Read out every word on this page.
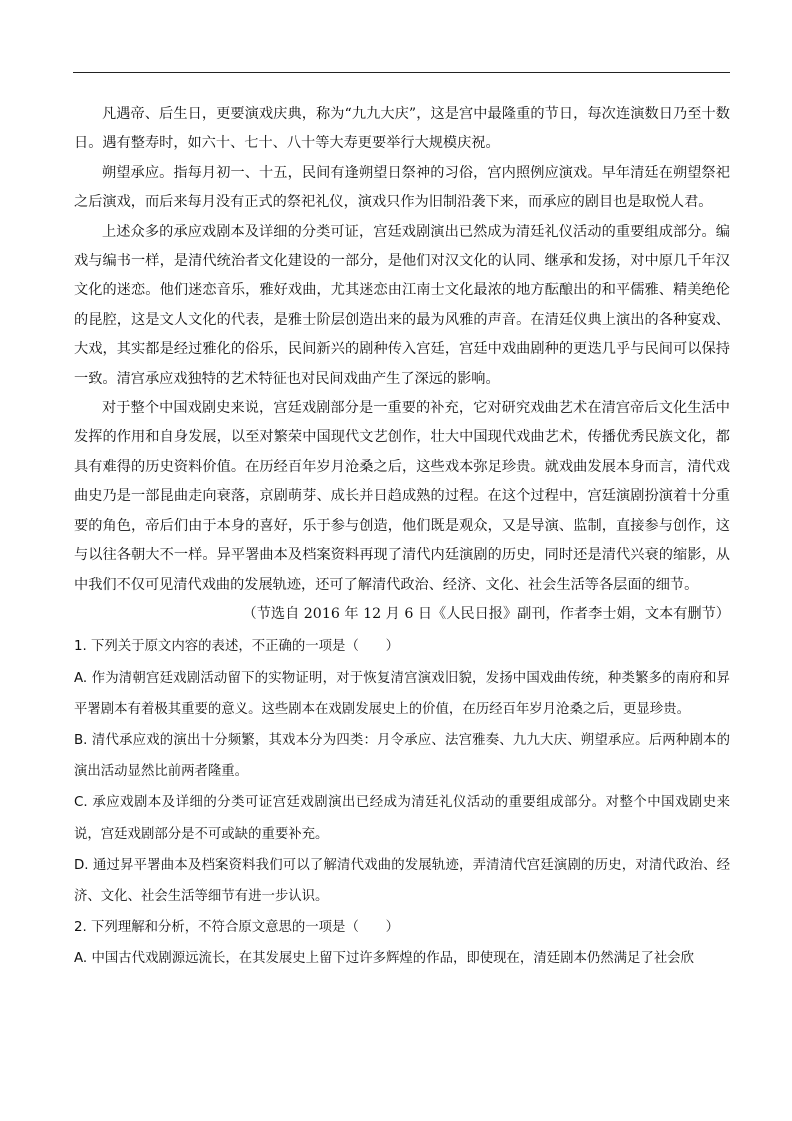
凡遇帝、后生日，更要演戏庆典，称为“九九大庆”，这是宫中最隆重的节日，每次连演数日乃至十数日。遇有整寿时，如六十、七十、八十等大寿更要举行大规模庆祝。

朔望承应。指每月初一、十五，民间有逢朔望日祭神的习俗，宫内照例应演戏。早年清廷在朔望祭祀之后演戏，而后来每月没有正式的祭祀礼仪，演戏只作为旧制沿袭下来，而承应的剧目也是取悦人君。

上述众多的承应戏剧本及详细的分类可证，宫廷戏剧演出已然成为清廷礼仪活动的重要组成部分。编戏与编书一样，是清代统治者文化建设的一部分，是他们对汉文化的认同、继承和发扬，对中原几千年汉文化的迷恋。他们迷恋音乐，雅好戏曲，尤其迷恋由江南士文化最浓的地方酝酿出的和平儒雅、精美绝伦的昆腔，这是文人文化的代表，是雅士阶层创造出来的最为风雅的声音。在清廷仪典上演出的各种宴戏、大戏，其实都是经过雅化的俗乐，民间新兴的剧种传入宫廷，宫廷中戏曲剧种的更迭几乎与民间可以保持一致。清宫承应戏独特的艺术特征也对民间戏曲产生了深远的影响。

对于整个中国戏剧史来说，宫廷戏剧部分是一重要的补充，它对研究戏曲艺术在清宫帝后文化生活中发挥的作用和自身发展，以至对繁荣中国现代文艺创作，壮大中国现代戏曲艺术，传播优秀民族文化，都具有难得的历史资料价值。在历经百年岁月沧桑之后，这些戏本弥足珍贵。就戏曲发展本身而言，清代戏曲史乃是一部昆曲走向衰落，京剧萌芽、成长并日趋成熟的过程。在这个过程中，宫廷演剧扮演着十分重要的角色，帝后们由于本身的喜好，乐于参与创造，他们既是观众，又是导演、监制，直接参与创作，这与以往各朝大不一样。异平署曲本及档案资料再现了清代内廷演剧的历史，同时还是清代兴衰的缩影，从中我们不仅可见清代戏曲的发展轨迹，还可了解清代政治、经济、文化、社会生活等各层面的细节。

（节选自 2016 年 12 月 6 日《人民日报》副刊，作者李士娟，文本有删节）

1. 下列关于原文内容的表述，不正确的一项是（　　）

A. 作为清朝宫廷戏剧活动留下的实物证明，对于恢复清宫演戏旧貌，发扬中国戏曲传统，种类繁多的南府和昇平署剧本有着极其重要的意义。这些剧本在戏剧发展史上的价值，在历经百年岁月沧桑之后，更显珍贵。

B. 清代承应戏的演出十分频繁，其戏本分为四类：月令承应、法宫雅奏、九九大庆、朔望承应。后两种剧本的演出活动显然比前两者隆重。

C. 承应戏剧本及详细的分类可证宫廷戏剧演出已经成为清廷礼仪活动的重要组成部分。对整个中国戏剧史来说，宫廷戏剧部分是不可或缺的重要补充。

D. 通过昇平署曲本及档案资料我们可以了解清代戏曲的发展轨迹，弄清清代宫廷演剧的历史，对清代政治、经济、文化、社会生活等细节有进一步认识。

2. 下列理解和分析，不符合原文意思的一项是（　　）

A. 中国古代戏剧源远流长，在其发展史上留下过许多辉煌的作品，即使现在，清廷剧本仍然满足了社会欣
